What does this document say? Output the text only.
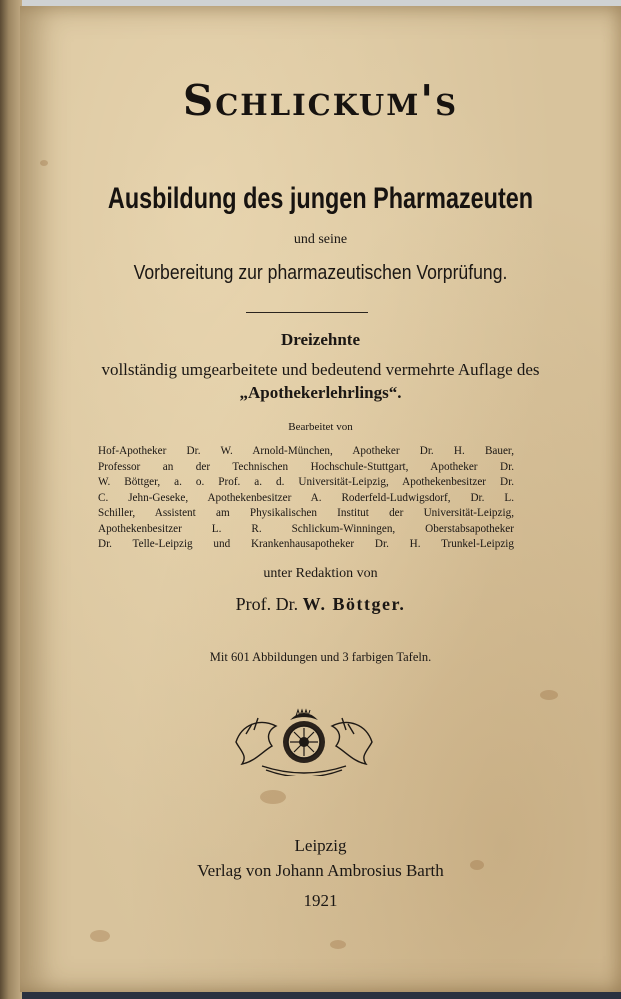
Schlickum's
Ausbildung des jungen Pharmazeuten
und seine
Vorbereitung zur pharmazeutischen Vorprüfung.
Dreizehnte
vollständig umgearbeitete und bedeutend vermehrte Auflage des
„Apothekerlehrlings“.
Bearbeitet von
Hof-Apotheker Dr. W. Arnold-München, Apotheker Dr. H. Bauer,
Professor an der Technischen Hochschule-Stuttgart, Apotheker Dr.
W. Böttger, a. o. Prof. a. d. Universität-Leipzig, Apothekenbesitzer Dr.
C. Jehn-Geseke, Apothekenbesitzer A. Roderfeld-Ludwigsdorf, Dr. L.
Schiller, Assistent am Physikalischen Institut der Universität-Leipzig,
Apothekenbesitzer L. R. Schlickum-Winningen, Oberstabsapotheker
Dr. Telle-Leipzig und Krankenhausapotheker Dr. H. Trunkel-Leipzig
unter Redaktion von
Prof. Dr. W. Böttger.
Mit 601 Abbildungen und 3 farbigen Tafeln.
Leipzig
Verlag von Johann Ambrosius Barth
1921
